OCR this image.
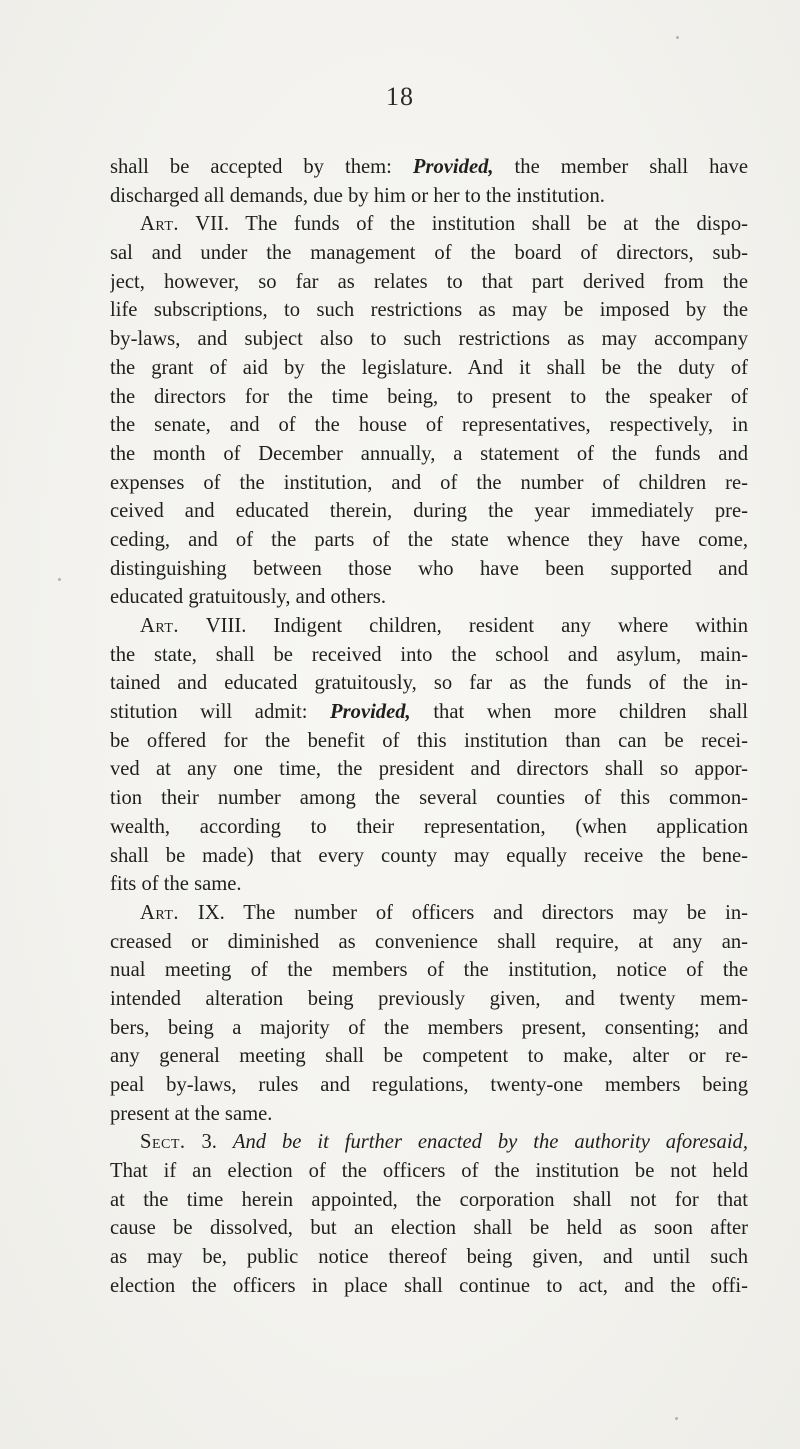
18
shall be accepted by them: Provided, the member shall have
discharged all demands, due by him or her to the institution.
Art. VII. The funds of the institution shall be at the dispo-
sal and under the management of the board of directors, sub-
ject, however, so far as relates to that part derived from the
life subscriptions, to such restrictions as may be imposed by the
by-laws, and subject also to such restrictions as may accompany
the grant of aid by the legislature. And it shall be the duty of
the directors for the time being, to present to the speaker of
the senate, and of the house of representatives, respectively, in
the month of December annually, a statement of the funds and
expenses of the institution, and of the number of children re-
ceived and educated therein, during the year immediately pre-
ceding, and of the parts of the state whence they have come,
distinguishing between those who have been supported and
educated gratuitously, and others.
Art. VIII. Indigent children, resident any where within
the state, shall be received into the school and asylum, main-
tained and educated gratuitously, so far as the funds of the in-
stitution will admit: Provided, that when more children shall
be offered for the benefit of this institution than can be recei-
ved at any one time, the president and directors shall so appor-
tion their number among the several counties of this common-
wealth, according to their representation, (when application
shall be made) that every county may equally receive the bene-
fits of the same.
Art. IX. The number of officers and directors may be in-
creased or diminished as convenience shall require, at any an-
nual meeting of the members of the institution, notice of the
intended alteration being previously given, and twenty mem-
bers, being a majority of the members present, consenting; and
any general meeting shall be competent to make, alter or re-
peal by-laws, rules and regulations, twenty-one members being
present at the same.
Sect. 3. And be it further enacted by the authority aforesaid,
That if an election of the officers of the institution be not held
at the time herein appointed, the corporation shall not for that
cause be dissolved, but an election shall be held as soon after
as may be, public notice thereof being given, and until such
election the officers in place shall continue to act, and the offi-
